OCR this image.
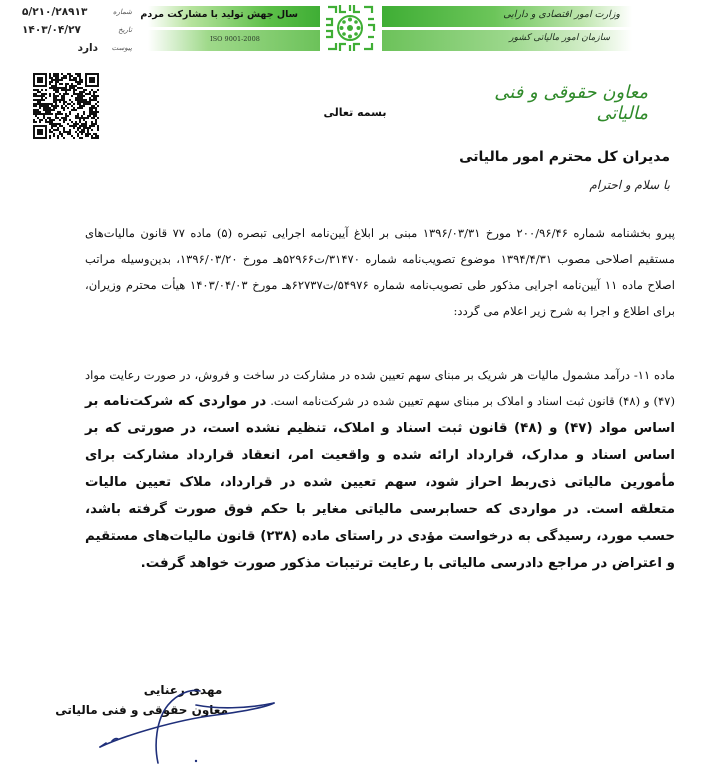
شماره
۵/۲۱۰/۲۸۹۱۳
تاریخ
۱۴۰۳/۰۴/۲۷
پیوست
دارد
سال جهش تولید با مشارکت مردم
ISO 9001-2008
وزارت امور اقتصادی و دارایی
سازمان امور مالیاتی کشور
معاون حقوقی و فنی مالیاتی
بسمه تعالی
مدیران کل محترم امور مالیاتی
با سلام و احترام
پیرو بخشنامه شماره ۲۰۰/۹۶/۴۶ مورخ ۱۳۹۶/۰۳/۳۱ مبنی بر ابلاغ آیین‌نامه اجرایی تبصره (۵) ماده ۷۷ قانون مالیات‌های مستقیم اصلاحی مصوب ۱۳۹۴/۴/۳۱ موضوع تصویب‌نامه شماره ۳۱۴۷۰/ت۵۲۹۶۶هـ مورخ ۱۳۹۶/۰۳/۲۰، بدین‌وسیله مراتب اصلاح ماده ۱۱ آیین‌نامه اجرایی مذکور طی تصویب‌نامه شماره ۵۴۹۷۶/ت۶۲۷۳۷هـ مورخ ۱۴۰۳/۰۴/۰۳ هیأت محترم وزیران، برای اطلاع و اجرا به شرح زیر اعلام می گردد:
ماده ۱۱- درآمد مشمول مالیات هر شریک بر مبنای سهم تعیین شده در مشارکت در ساخت و فروش، در صورت رعایت مواد (۴۷) و (۴۸) قانون ثبت اسناد و املاک بر مبنای سهم تعیین شده در شرکت‌نامه است. در مواردی که شرکت‌نامه بر اساس مواد (۴۷) و (۴۸) قانون ثبت اسناد و املاک، تنظیم نشده است، در صورتی که بر اساس اسناد و مدارک، قرارداد ارائه شده و واقعیت امر، انعقاد قرارداد مشارکت برای مأمورین مالیاتی ذی‌ربط احراز شود، سهم تعیین شده در قرارداد، ملاک تعیین مالیات متعلقه است. در مواردی که حسابرسی مالیاتی مغایر با حکم فوق صورت گرفته باشد، حسب مورد، رسیدگی به درخواست مؤدی در راستای ماده (۲۳۸) قانون مالیات‌های مستقیم و اعتراض در مراجع دادرسی مالیاتی با رعایت ترتیبات مذکور صورت خواهد گرفت.
مهدی رعنایی
معاون حقوقی و فنی مالیاتی
